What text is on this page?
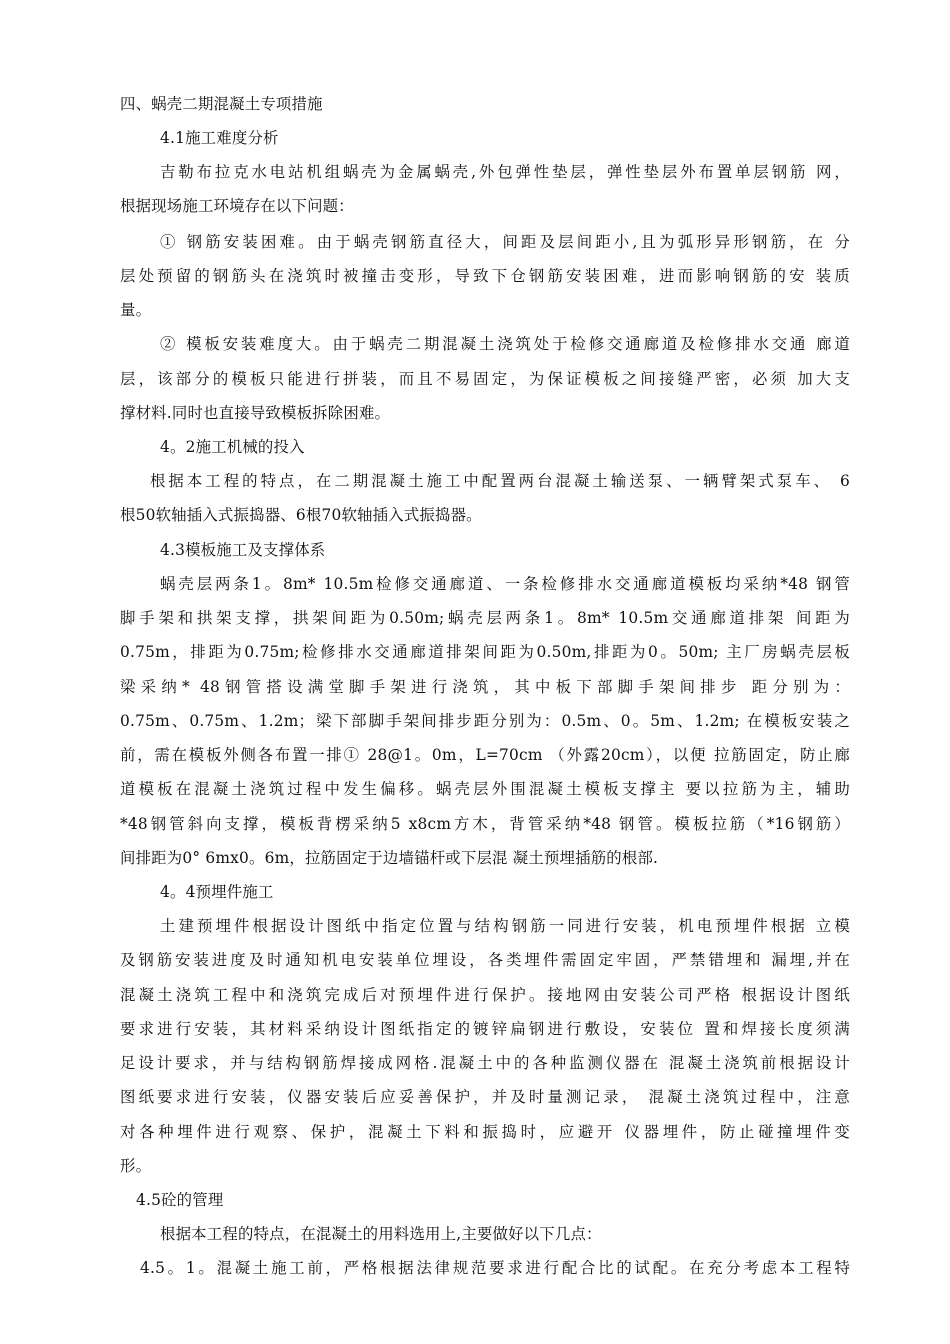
四、蜗壳二期混凝土专项措施
4.1施工难度分析
吉勒布拉克水电站机组蜗壳为金属蜗壳,外包弹性垫层，弹性垫层外布置单层钢筋 网，
根据现场施工环境存在以下问题：
① 钢筋安装困难。由于蜗壳钢筋直径大，间距及层间距小,且为弧形异形钢筋，在 分
层处预留的钢筋头在浇筑时被撞击变形，导致下仓钢筋安装困难，进而影响钢筋的安 装质
量。
② 模板安装难度大。由于蜗壳二期混凝土浇筑处于检修交通廊道及检修排水交通 廊道
层，该部分的模板只能进行拼装，而且不易固定，为保证模板之间接缝严密，必须 加大支
撑材料.同时也直接导致模板拆除困难。
4。2施工机械的投入
根据本工程的特点，在二期混凝土施工中配置两台混凝土输送泵、一辆臂架式泵车、 6
根50软轴插入式振捣器、6根70软轴插入式振捣器。
4.3模板施工及支撑体系
蜗壳层两条1。8m* 10.5m检修交通廊道、一条检修排水交通廊道模板均采纳*48 钢管
脚手架和拱架支撑，拱架间距为0.50m;蜗壳层两条1。8m* 10.5m交通廊道排架 间距为
0.75m，排距为0.75m;检修排水交通廊道排架间距为0.50m,排距为0。50m; 主厂房蜗壳层板
梁采纳* 48钢管搭设满堂脚手架进行浇筑，其中板下部脚手架间排步 距分别为：
0.75m、0.75m、1.2m；梁下部脚手架间排步距分别为：0.5m、0。5m、1.2m; 在模板安装之
前，需在模板外侧各布置一排① 28@1。0m，L=70cm （外露20cm），以便 拉筋固定，防止廊
道模板在混凝土浇筑过程中发生偏移。蜗壳层外围混凝土模板支撑主 要以拉筋为主，辅助
*48钢管斜向支撑，模板背楞采纳5 x8cm方木，背管采纳*48 钢管。模板拉筋（*16钢筋）
间排距为0° 6mx0。6m，拉筋固定于边墙锚杆或下层混 凝土预埋插筋的根部.
4。4预埋件施工
土建预埋件根据设计图纸中指定位置与结构钢筋一同进行安装，机电预埋件根据 立模
及钢筋安装进度及时通知机电安装单位埋设，各类埋件需固定牢固，严禁错埋和 漏埋,并在
混凝土浇筑工程中和浇筑完成后对预埋件进行保护。接地网由安装公司严格 根据设计图纸
要求进行安装，其材料采纳设计图纸指定的镀锌扁钢进行敷设，安装位 置和焊接长度须满
足设计要求，并与结构钢筋焊接成网格.混凝土中的各种监测仪器在 混凝土浇筑前根据设计
图纸要求进行安装，仪器安装后应妥善保护，并及时量测记录， 混凝土浇筑过程中，注意
对各种埋件进行观察、保护，混凝土下料和振捣时，应避开 仪器埋件，防止碰撞埋件变
形。
4.5砼的管理
根据本工程的特点，在混凝土的用料选用上,主要做好以下几点：
4.5。1。混凝土施工前，严格根据法律规范要求进行配合比的试配。在充分考虑本工程特
